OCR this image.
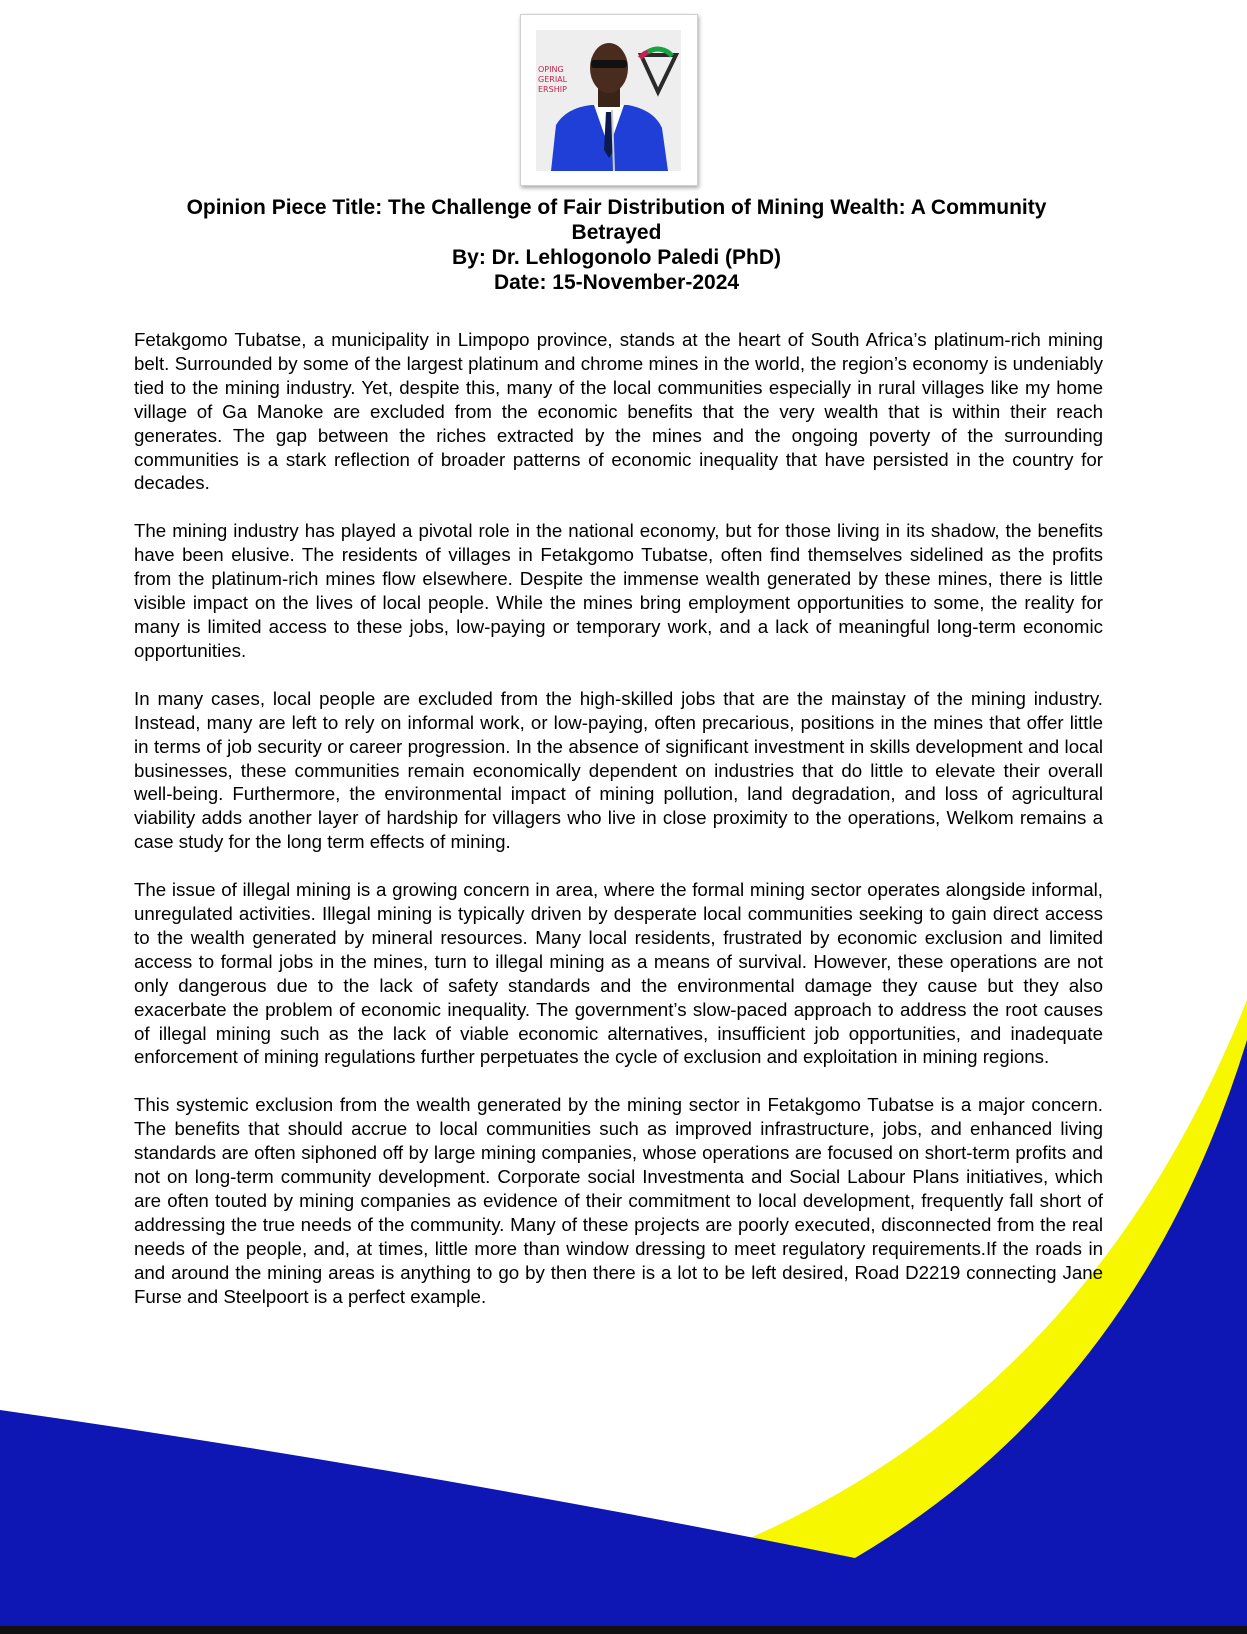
OPING
GERIAL
ERSHIP
Opinion Piece Title: The Challenge of Fair Distribution of Mining Wealth: A Community
Betrayed
By: Dr. Lehlogonolo Paledi (PhD)
Date: 15-November-2024

Fetakgomo Tubatse, a municipality in Limpopo province, stands at the heart of South Africa’s platinum-rich mining belt. Surrounded by some of the largest platinum and chrome mines in the world, the region’s economy is undeniably tied to the mining industry. Yet, despite this, many of the local communities especially in rural villages like my home village of Ga Manoke are excluded from the economic benefits that the very wealth that is within their reach generates. The gap between the riches extracted by the mines and the ongoing poverty of the surrounding communities is a stark reflection of broader patterns of economic inequality that have persisted in the country for decades.

The mining industry has played a pivotal role in the national economy, but for those living in its shadow, the benefits have been elusive. The residents of villages in Fetakgomo Tubatse, often find themselves sidelined as the profits from the platinum-rich mines flow elsewhere. Despite the immense wealth generated by these mines, there is little visible impact on the lives of local people. While the mines bring employment opportunities to some, the reality for many is limited access to these jobs, low-paying or temporary work, and a lack of meaningful long-term economic opportunities.

In many cases, local people are excluded from the high-skilled jobs that are the mainstay of the mining industry. Instead, many are left to rely on informal work, or low-paying, often precarious, positions in the mines that offer little in terms of job security or career progression. In the absence of significant investment in skills development and local businesses, these communities remain economically dependent on industries that do little to elevate their overall well-being. Furthermore, the environmental impact of mining pollution, land degradation, and loss of agricultural viability adds another layer of hardship for villagers who live in close proximity to the operations, Welkom remains a case study for the long term effects of mining.

The issue of illegal mining is a growing concern in area, where the formal mining sector operates alongside informal, unregulated activities. Illegal mining is typically driven by desperate local communities seeking to gain direct access to the wealth generated by mineral resources. Many local residents, frustrated by economic exclusion and limited access to formal jobs in the mines, turn to illegal mining as a means of survival. However, these operations are not only dangerous due to the lack of safety standards and the environmental damage they cause but they also exacerbate the problem of economic inequality. The government’s slow-paced approach to address the root causes of illegal mining such as the lack of viable economic alternatives, insufficient job opportunities, and inadequate enforcement of mining regulations further perpetuates the cycle of exclusion and exploitation in mining regions.

This systemic exclusion from the wealth generated by the mining sector in Fetakgomo Tubatse is a major concern. The benefits that should accrue to local communities such as improved infrastructure, jobs, and enhanced living standards are often siphoned off by large mining companies, whose operations are focused on short-term profits and not on long-term community development. Corporate social Investmenta and Social Labour Plans initiatives, which are often touted by mining companies as evidence of their commitment to local development, frequently fall short of addressing the true needs of the community. Many of these projects are poorly executed, disconnected from the real needs of the people, and, at times, little more than window dressing to meet regulatory requirements.If the roads in and around the mining areas is anything to go by then there is a lot to be left desired, Road D2219 connecting Jane Furse and Steelpoort is a perfect example.
